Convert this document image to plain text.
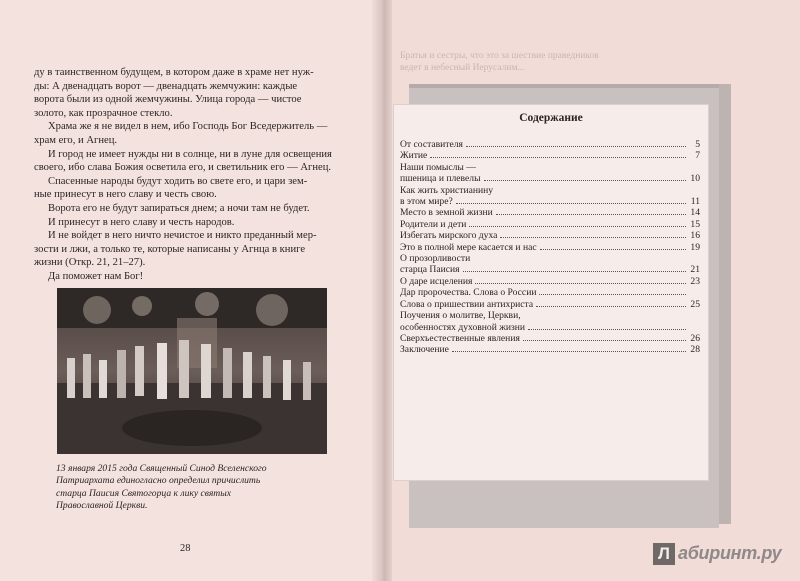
ду в таинственном будущем, в котором даже в храме нет нуж-
ды: А двенадцать ворот — двенадцать жемчужин: каждые
ворота были из одной жемчужины. Улица города — чистое
золото, как прозрачное стекло.
Храма же я не видел в нем, ибо Господь Бог Вседержитель —
храм его, и Агнец.
И город не имеет нужды ни в солнце, ни в луне для освещения
своего, ибо слава Божия осветила его, и светильник его — Агнец.
Спасенные народы будут ходить во свете его, и цари зем-
ные принесут в него славу и честь свою.
Ворота его не будут запираться днем; а ночи там не будет.
И принесут в него славу и честь народов.
И не войдет в него ничто нечистое и никто преданный мер-
зости и лжи, а только те, которые написаны у Агнца в книге
жизни (Откр. 21, 21–27).
Да поможет нам Бог!
13 января 2015 года Священный Синод Вселенского
Патриархата единогласно определил причислить
старца Паисия Святогорца к лику святых
Православной Церкви.
28
Братья и сестры, что это за шествие праведников
ведет в небесный Иерусалим...
Содержание
От составителя	5
Житие	7
Наши помыслы —
пшеница и плевелы	10
Как жить христианину
в этом мире?	11
Место в земной жизни	14
Родители и дети	15
Избегать мирского духа	16
Это в полной мере касается и нас	19
О прозорливости
старца Паисия	21
О даре исцеления	23
Дар пророчества. Слова о России
Слова о пришествии антихриста	25
Поучения о молитве, Церкви,
особенностях духовной жизни
Сверхъестественные явления	26
Заключение	28
Л абиринт.ру
